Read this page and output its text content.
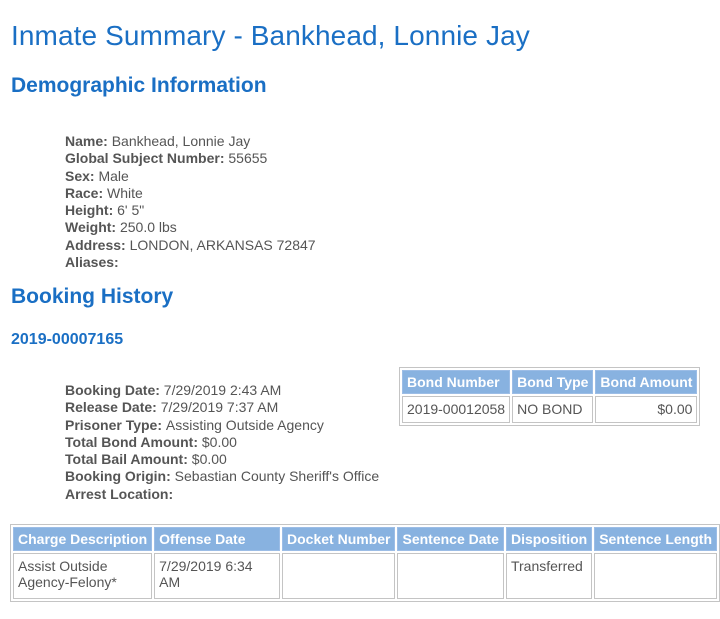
Inmate Summary - Bankhead, Lonnie Jay
Demographic Information
Name: Bankhead, Lonnie Jay
Global Subject Number: 55655
Sex: Male
Race: White
Height: 6' 5"
Weight: 250.0 lbs
Address: LONDON, ARKANSAS 72847
Aliases:
Booking History
2019-00007165
Booking Date: 7/29/2019 2:43 AM
Release Date: 7/29/2019 7:37 AM
Prisoner Type: Assisting Outside Agency
Total Bond Amount: $0.00
Total Bail Amount: $0.00
Booking Origin: Sebastian County Sheriff's Office
Arrest Location:
Bond Number	Bond Type	Bond Amount
2019-00012058	NO BOND	$0.00
Charge Description	Offense Date	Docket Number	Sentence Date	Disposition	Sentence Length
Assist Outside Agency-Felony*	7/29/2019 6:34 AM			Transferred	
